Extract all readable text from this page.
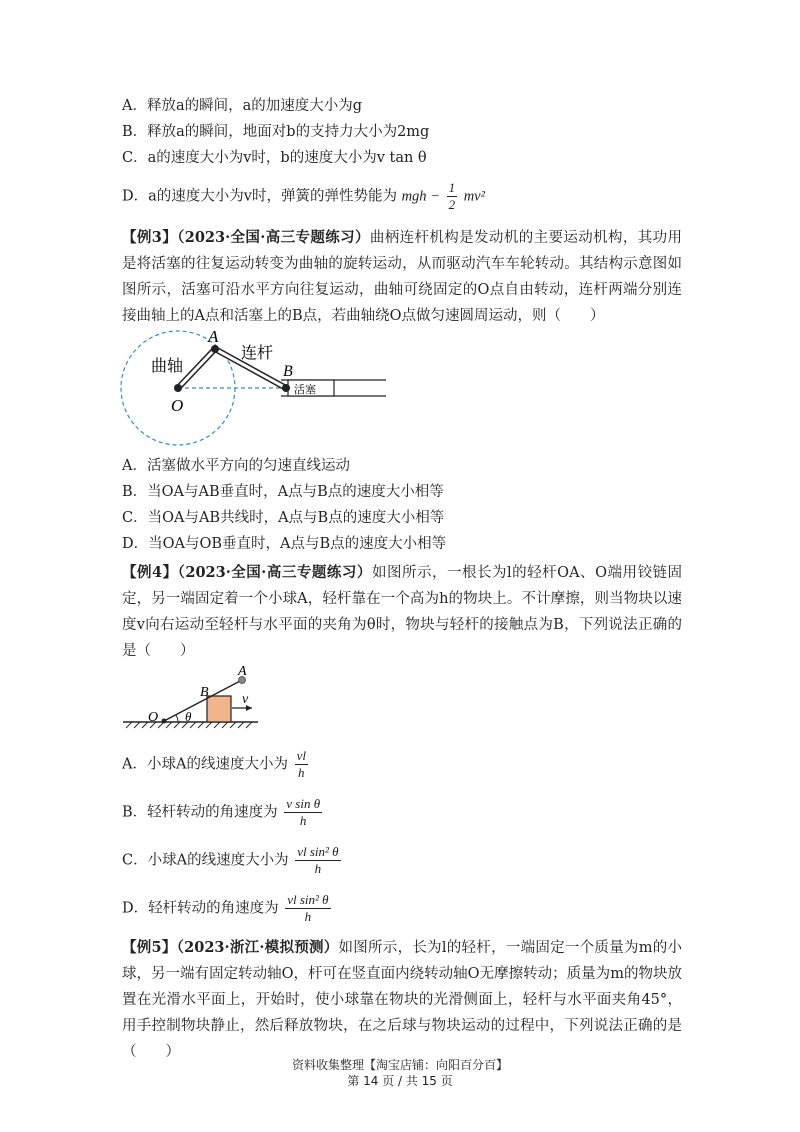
A．释放a的瞬间，a的加速度大小为g
B．释放a的瞬间，地面对b的支持力大小为2mg
C．a的速度大小为v时，b的速度大小为v tan θ
D．a的速度大小为v时，弹簧的弹性势能为 mgh − $\frac{1}{2} mv^2$
【例3】（2023·全国·高三专题练习）曲柄连杆机构是发动机的主要运动机构，其功用是将活塞的往复运动转变为曲轴的旋转运动，从而驱动汽车车轮转动。其结构示意图如图所示，活塞可沿水平方向往复运动，曲轴可绕固定的O点自由转动，连杆两端分别连接曲轴上的A点和活塞上的B点，若曲轴绕O点做匀速圆周运动，则（　　）
A
O
B
曲轴
连杆
活塞
A．活塞做水平方向的匀速直线运动
B．当OA与AB垂直时，A点与B点的速度大小相等
C．当OA与AB共线时，A点与B点的速度大小相等
D．当OA与OB垂直时，A点与B点的速度大小相等
【例4】（2023·全国·高三专题练习）如图所示，一根长为l的轻杆OA、O端用铰链固定，另一端固定着一个小球A，轻杆靠在一个高为h的物块上。不计摩擦，则当物块以速度v向右运动至轻杆与水平面的夹角为θ时，物块与轻杆的接触点为B，下列说法正确的是（　　）
A
B
O θ
v
A．小球A的线速度大小为 $\frac{vl}{h}$
B．轻杆转动的角速度为 $\frac{\text{v sin θ}}{h}$
C．小球A的线速度大小为 $\frac{\text{vl sin² θ}}{h}$
D．轻杆转动的角速度为 $\frac{\text{vl sin² θ}}{h}$
【例5】（2023·浙江·模拟预测）如图所示，长为l的轻杆，一端固定一个质量为m的小球，另一端有固定转动轴O，杆可在竖直面内绕转动轴O无摩擦转动；质量为m的物块放置在光滑水平面上，开始时，使小球靠在物块的光滑侧面上，轻杆与水平面夹角45°，用手控制物块静止，然后释放物块，在之后球与物块运动的过程中，下列说法正确的是（　　）
资料收集整理【淘宝店铺：向阳百分百】
第 14 页 / 共 15 页
